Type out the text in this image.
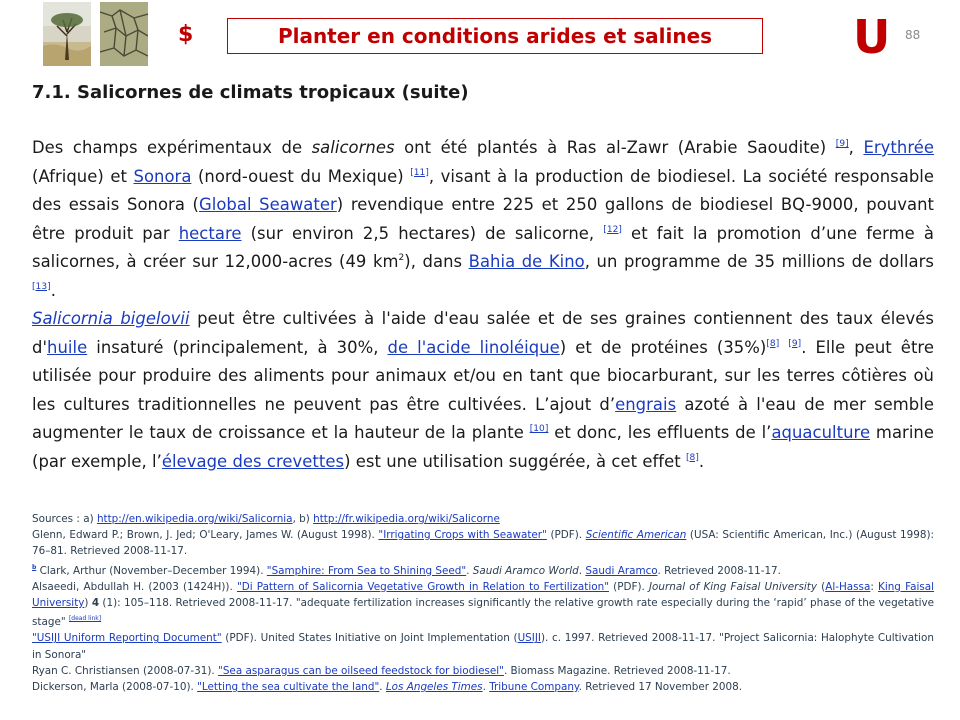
$	Planter en conditions arides et salines	U 88
7.1. Salicornes de climats tropicaux (suite)

Des champs expérimentaux de salicornes ont été plantés à Ras al-Zawr (Arabie Saoudite) [9], Erythrée (Afrique) et Sonora (nord-ouest du Mexique) [11], visant à la production de biodiesel. La société responsable des essais Sonora (Global Seawater) revendique entre 225 et 250 gallons de biodiesel BQ-9000, pouvant être produit par hectare (sur environ 2,5 hectares) de salicorne, [12] et fait la promotion d’une ferme à salicornes, à créer sur 12,000-acres (49 $km^2$), dans Bahia de Kino, un programme de 35 millions de dollars [13].

Salicornia bigelovii peut être cultivées à l'aide d'eau salée et de ses graines contiennent des taux élevés d'huile insaturé (principalement, à 30%, de l'acide linoléique) et de protéines (35%)[8] [9]. Elle peut être utilisée pour produire des aliments pour animaux et/ou en tant que biocarburant, sur les terres côtières où les cultures traditionnelles ne peuvent pas être cultivées. L’ajout d’engrais azoté à l'eau de mer semble augmenter le taux de croissance et la hauteur de la plante [10] et donc, les effluents de l’aquaculture marine (par exemple, l’élevage des crevettes) est une utilisation suggérée, à cet effet [8].

Sources : a) http://en.wikipedia.org/wiki/Salicornia, b) http://fr.wikipedia.org/wiki/Salicorne

Glenn, Edward P.; Brown, J. Jed; O'Leary, James W. (August 1998). "Irrigating Crops with Seawater" (PDF). Scientific American (USA: Scientific American, Inc.) (August 1998): 76–81. Retrieved 2008-11-17.

$^b$ Clark, Arthur (November–December 1994). "Samphire: From Sea to Shining Seed". Saudi Aramco World. Saudi Aramco. Retrieved 2008-11-17.

Alsaeedi, Abdullah H. (2003 (1424H)). "Di Pattern of Salicornia Vegetative Growth in Relation to Fertilization" (PDF). Journal of King Faisal University (Al-Hassa: King Faisal University) 4 (1): 105–118. Retrieved 2008-11-17. "adequate fertilization increases significantly the relative growth rate especially during the ‘rapid’ phase of the vegetative stage" [dead link]

"USIJI Uniform Reporting Document" (PDF). United States Initiative on Joint Implementation (USIJI). c. 1997. Retrieved 2008-11-17. "Project Salicornia: Halophyte Cultivation in Sonora"

Ryan C. Christiansen (2008-07-31). "Sea asparagus can be oilseed feedstock for biodiesel". Biomass Magazine. Retrieved 2008-11-17.

Dickerson, Marla (2008-07-10). "Letting the sea cultivate the land". Los Angeles Times. Tribune Company. Retrieved 17 November 2008.
